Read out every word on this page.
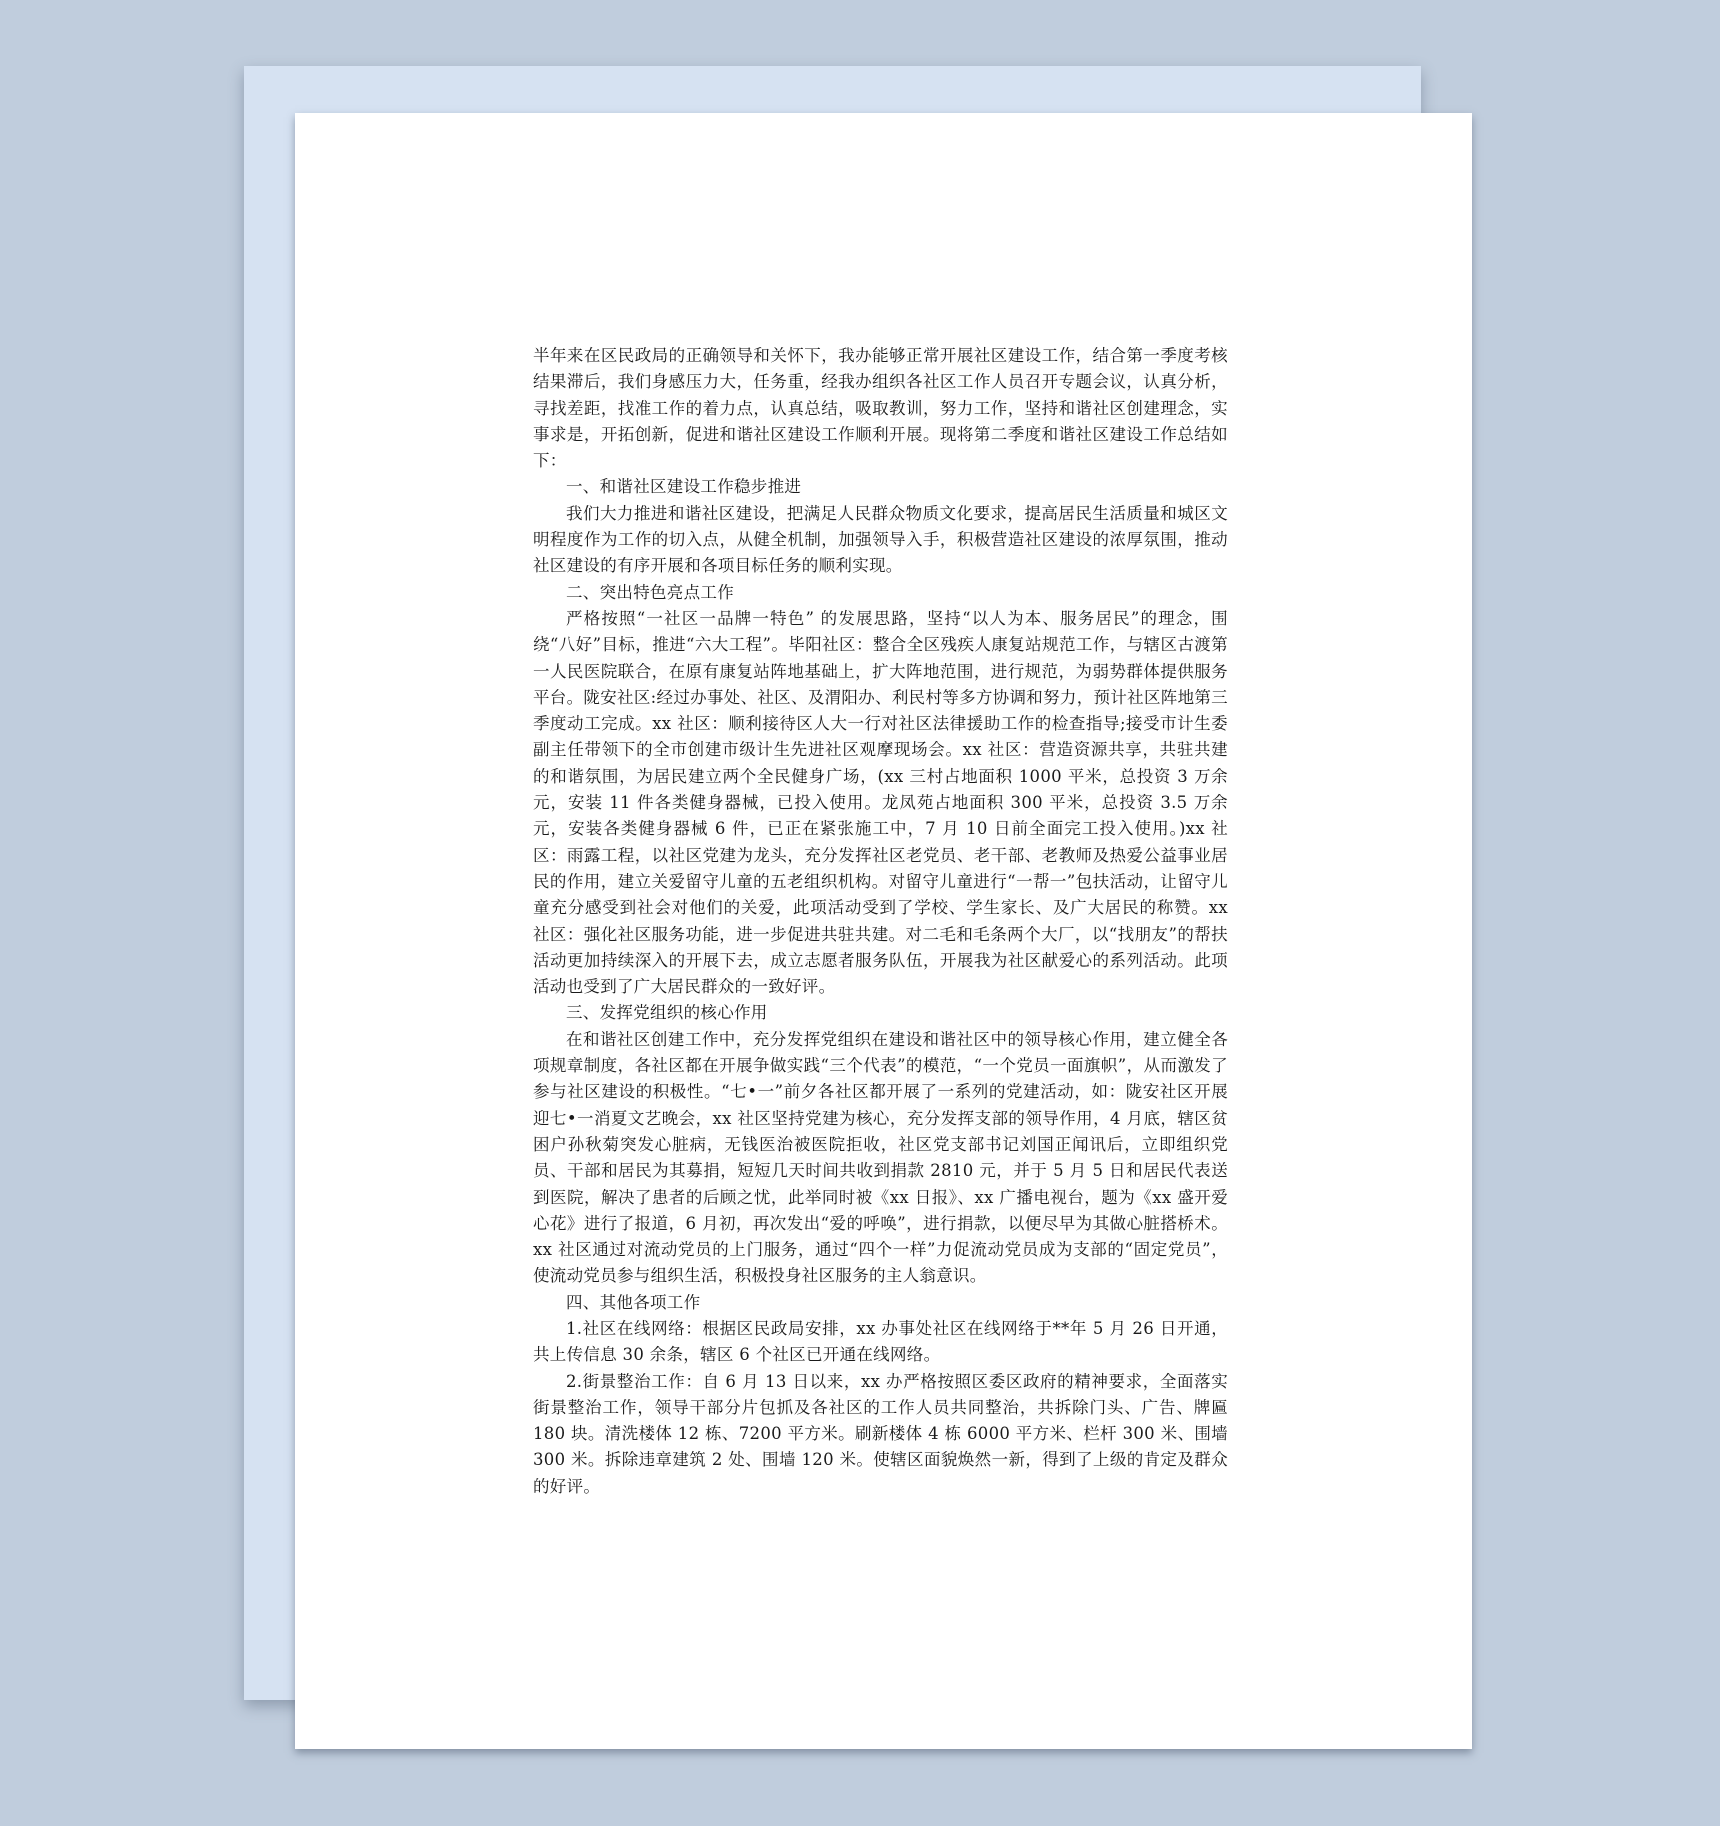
半年来在区民政局的正确领导和关怀下，我办能够正常开展社区建设工作，结合第一季度考核结果滞后，我们身感压力大，任务重，经我办组织各社区工作人员召开专题会议，认真分析，寻找差距，找准工作的着力点，认真总结，吸取教训，努力工作，坚持和谐社区创建理念，实事求是，开拓创新，促进和谐社区建设工作顺利开展。现将第二季度和谐社区建设工作总结如下：

一、和谐社区建设工作稳步推进

我们大力推进和谐社区建设，把满足人民群众物质文化要求，提高居民生活质量和城区文明程度作为工作的切入点，从健全机制，加强领导入手，积极营造社区建设的浓厚氛围，推动社区建设的有序开展和各项目标任务的顺利实现。

二、突出特色亮点工作

严格按照“一社区一品牌一特色” 的发展思路，坚持“以人为本、服务居民”的理念，围绕“八好”目标，推进“六大工程”。毕阳社区：整合全区残疾人康复站规范工作，与辖区古渡第一人民医院联合，在原有康复站阵地基础上，扩大阵地范围，进行规范，为弱势群体提供服务平台。陇安社区:经过办事处、社区、及渭阳办、利民村等多方协调和努力，预计社区阵地第三季度动工完成。xx 社区：顺利接待区人大一行对社区法律援助工作的检查指导;接受市计生委副主任带领下的全市创建市级计生先进社区观摩现场会。xx 社区：营造资源共享，共驻共建的和谐氛围，为居民建立两个全民健身广场，(xx 三村占地面积 1000 平米，总投资 3 万余元，安装 11 件各类健身器械，已投入使用。龙凤苑占地面积 300 平米，总投资 3.5 万余元，安装各类健身器械 6 件，已正在紧张施工中，7 月 10 日前全面完工投入使用。)xx 社区：雨露工程，以社区党建为龙头，充分发挥社区老党员、老干部、老教师及热爱公益事业居民的作用，建立关爱留守儿童的五老组织机构。对留守儿童进行“一帮一”包扶活动，让留守儿童充分感受到社会对他们的关爱，此项活动受到了学校、学生家长、及广大居民的称赞。xx 社区：强化社区服务功能，进一步促进共驻共建。对二毛和毛条两个大厂，以“找朋友”的帮扶活动更加持续深入的开展下去，成立志愿者服务队伍，开展我为社区献爱心的系列活动。此项活动也受到了广大居民群众的一致好评。

三、发挥党组织的核心作用

在和谐社区创建工作中，充分发挥党组织在建设和谐社区中的领导核心作用，建立健全各项规章制度，各社区都在开展争做实践“三个代表”的模范，“一个党员一面旗帜”，从而激发了参与社区建设的积极性。“七•一”前夕各社区都开展了一系列的党建活动，如：陇安社区开展迎七•一消夏文艺晚会，xx 社区坚持党建为核心，充分发挥支部的领导作用，4 月底，辖区贫困户孙秋菊突发心脏病，无钱医治被医院拒收，社区党支部书记刘国正闻讯后，立即组织党员、干部和居民为其募捐，短短几天时间共收到捐款 2810 元，并于 5 月 5 日和居民代表送到医院，解决了患者的后顾之忧，此举同时被《xx 日报》、xx 广播电视台，题为《xx 盛开爱心花》进行了报道，6 月初，再次发出“爱的呼唤”，进行捐款，以便尽早为其做心脏搭桥术。xx 社区通过对流动党员的上门服务，通过“四个一样”力促流动党员成为支部的“固定党员”，使流动党员参与组织生活，积极投身社区服务的主人翁意识。

四、其他各项工作

1.社区在线网络：根据区民政局安排，xx 办事处社区在线网络于**年 5 月 26 日开通，共上传信息 30 余条，辖区 6 个社区已开通在线网络。

2.街景整治工作：自 6 月 13 日以来，xx 办严格按照区委区政府的精神要求，全面落实街景整治工作，领导干部分片包抓及各社区的工作人员共同整治，共拆除门头、广告、牌匾 180 块。清洗楼体 12 栋、7200 平方米。刷新楼体 4 栋 6000 平方米、栏杆 300 米、围墙 300 米。拆除违章建筑 2 处、围墙 120 米。使辖区面貌焕然一新，得到了上级的肯定及群众的好评。
